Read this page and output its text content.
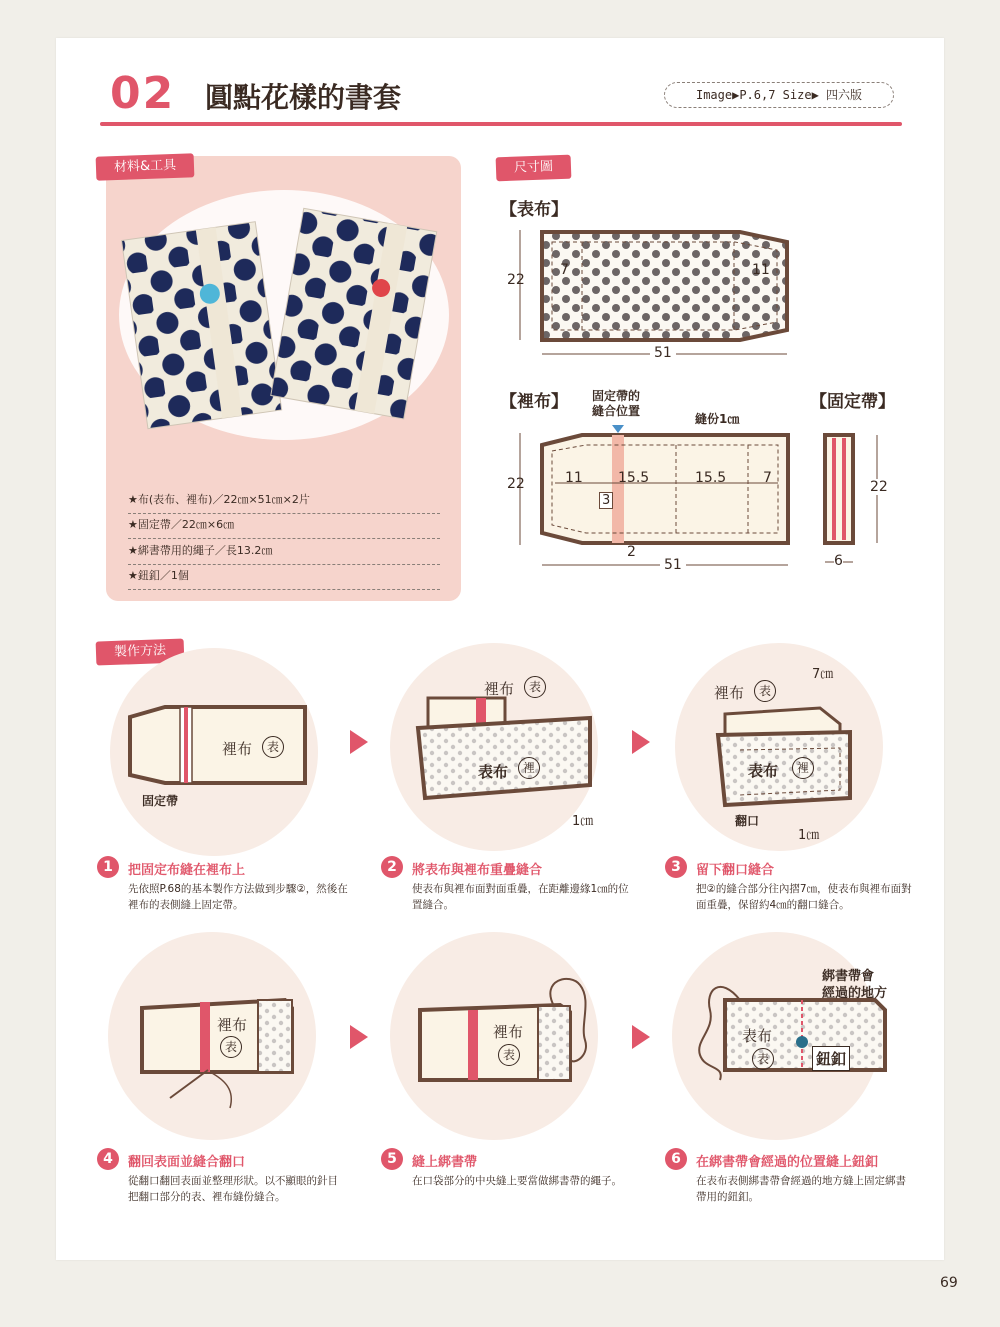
02 圓點花樣的書套	Image▶P.6,7 Size▶ 四六版
材料&工具
★布(表布、裡布)／22㎝×51㎝×2片
★固定帶／22㎝×6㎝
★綁書帶用的繩子／長13.2㎝
★鈕釦／1個
尺寸圖
【表布】
22
7	11
51
【裡布】 固定帶的
縫合位置
縫份1㎝
22	11	15.5	15.5	7
3
2
51
【固定帶】
22
6
製作方法
裡布	表
固定帶
裡布	表
表布	裡
1㎝
裡布	表
7㎝
表布	裡
翻口
1㎝
1	把固定布縫在裡布上
先依照P.68的基本製作方法做到步驟②，然後在裡布的表側縫上固定帶。
2	將表布與裡布重疊縫合
使表布與裡布面對面重疊，在距離邊緣1㎝的位置縫合。
3	留下翻口縫合
把②的縫合部分往內摺7㎝，使表布與裡布面對面重疊，保留約4㎝的翻口縫合。
裡布
表
裡布
表
綁書帶會
經過的地方
表布
表	鈕釦
4	翻回表面並縫合翻口
從翻口翻回表面並整理形狀。以不顯眼的針目把翻口部分的表、裡布縫份縫合。
5	縫上綁書帶
在口袋部分的中央縫上要當做綁書帶的繩子。
6	在綁書帶會經過的位置縫上鈕釦
在表布表側綁書帶會經過的地方縫上固定綁書帶用的鈕釦。
69
